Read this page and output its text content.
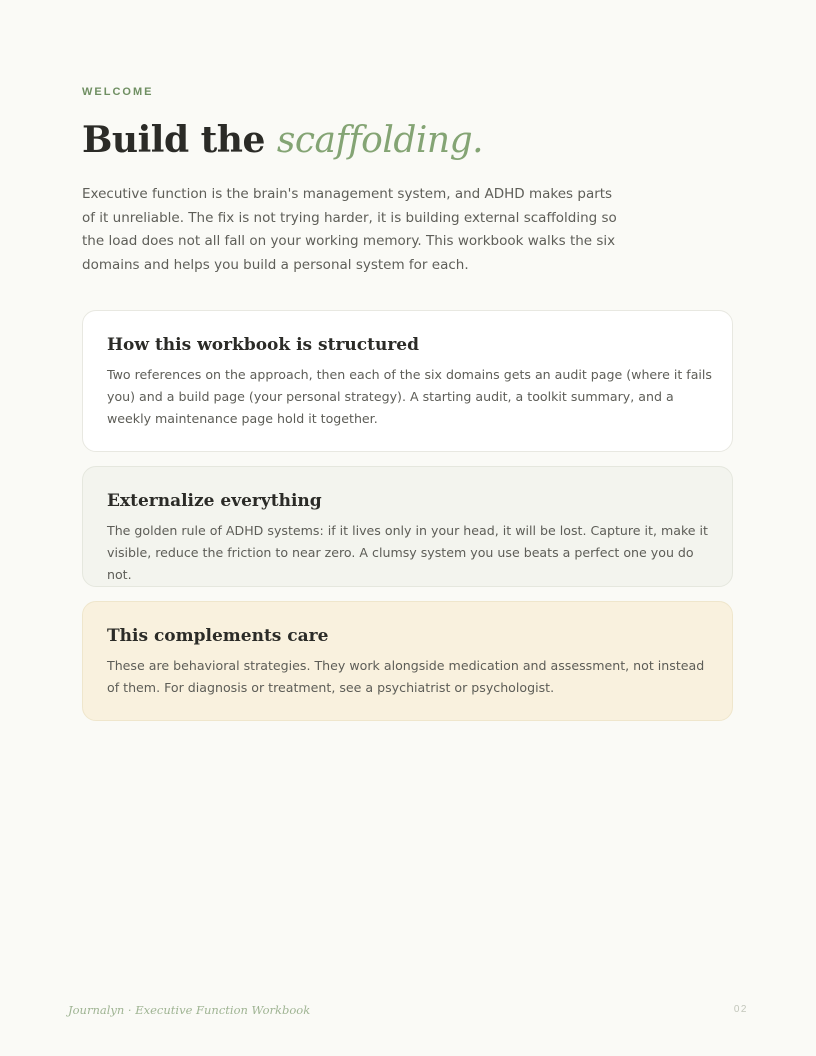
WELCOME
Build the scaffolding.

Executive function is the brain's management system, and ADHD makes parts of it unreliable. The fix is not trying harder, it is building external scaffolding so the load does not all fall on your working memory. This workbook walks the six domains and helps you build a personal system for each.

How this workbook is structured

Two references on the approach, then each of the six domains gets an audit page (where it fails you) and a build page (your personal strategy). A starting audit, a toolkit summary, and a weekly maintenance page hold it together.

Externalize everything

The golden rule of ADHD systems: if it lives only in your head, it will be lost. Capture it, make it visible, reduce the friction to near zero. A clumsy system you use beats a perfect one you do not.

This complements care

These are behavioral strategies. They work alongside medication and assessment, not instead of them. For diagnosis or treatment, see a psychiatrist or psychologist.

Journalyn · Executive Function Workbook	02
